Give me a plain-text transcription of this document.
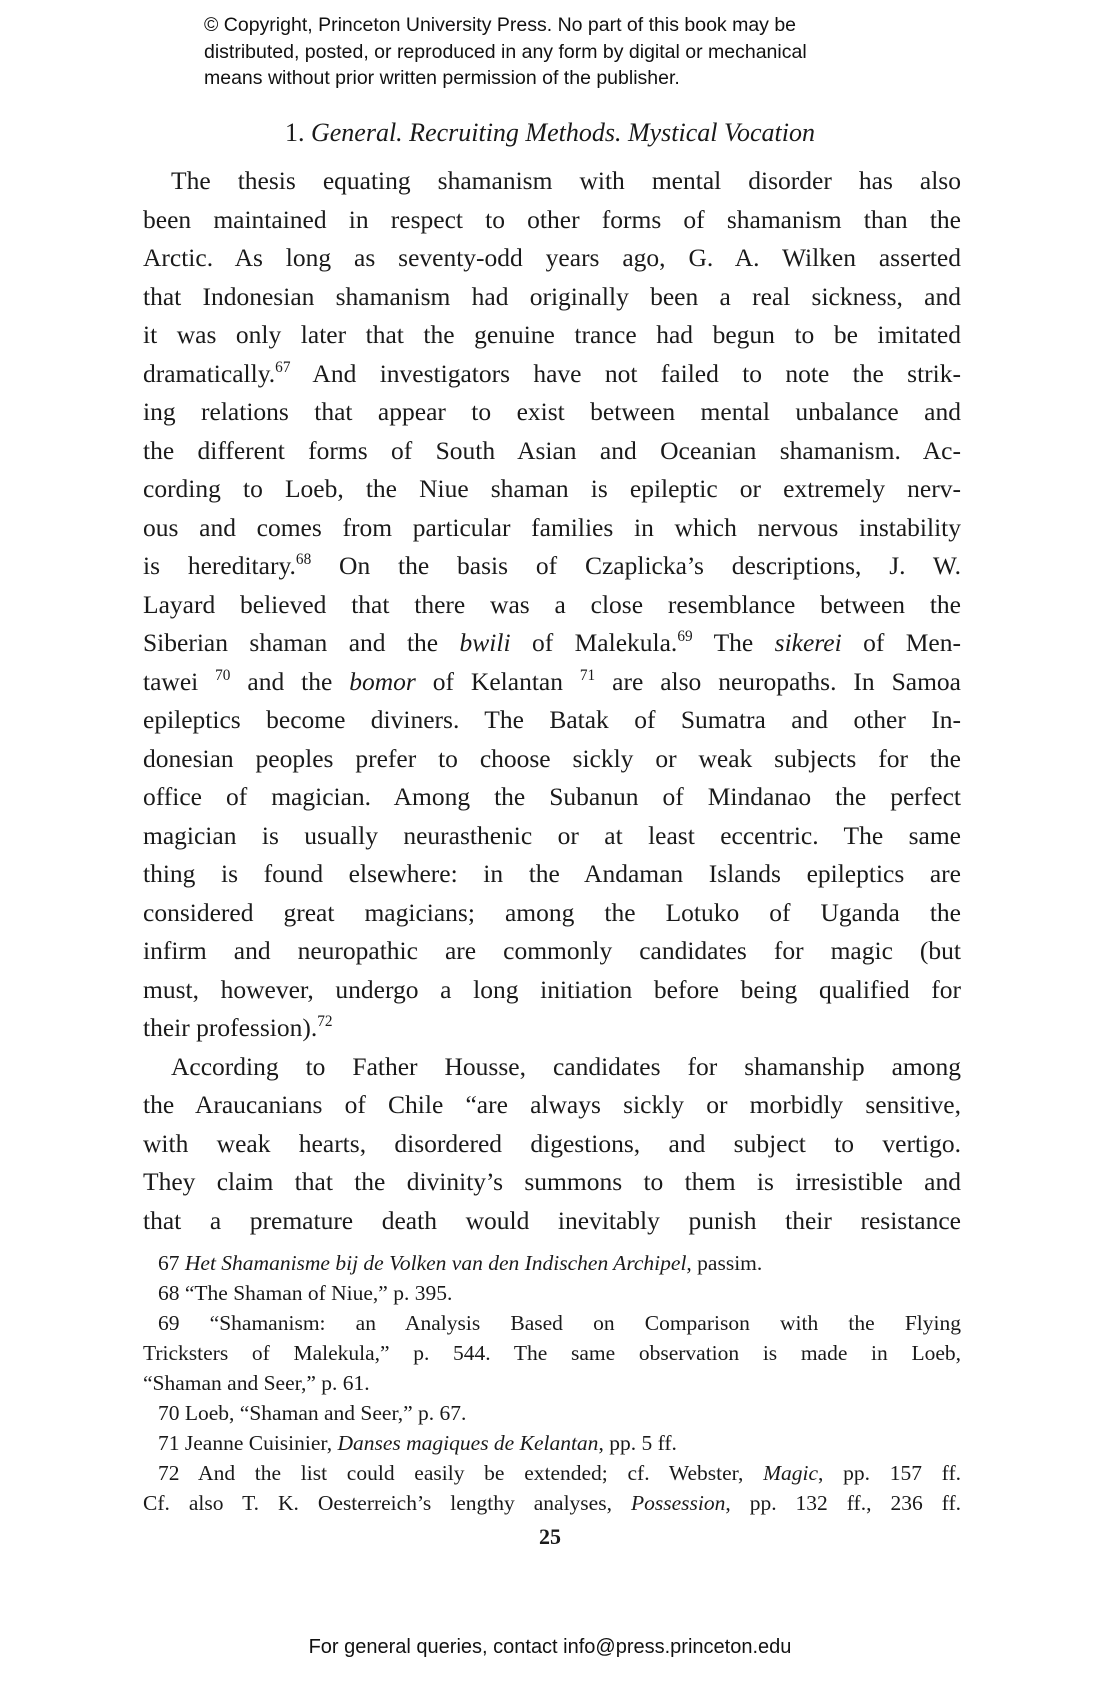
© Copyright, Princeton University Press. No part of this book may be
distributed, posted, or reproduced in any form by digital or mechanical
means without prior written permission of the publisher.
1. General. Recruiting Methods. Mystical Vocation
The thesis equating shamanism with mental disorder has also
been maintained in respect to other forms of shamanism than the
Arctic. As long as seventy-odd years ago, G. A. Wilken asserted
that Indonesian shamanism had originally been a real sickness, and
it was only later that the genuine trance had begun to be imitated
dramatically.$^{67}$ And investigators have not failed to note the strik-
ing relations that appear to exist between mental unbalance and
the different forms of South Asian and Oceanian shamanism. Ac-
cording to Loeb, the Niue shaman is epileptic or extremely nerv-
ous and comes from particular families in which nervous instability
is hereditary.$^{68}$ On the basis of Czaplicka’s descriptions, J. W.
Layard believed that there was a close resemblance between the
Siberian shaman and the bwili of Malekula.$^{69}$ The sikerei of Men-
tawei $^{70}$ and the bomor of Kelantan $^{71}$ are also neuropaths. In Samoa
epileptics become diviners. The Batak of Sumatra and other In-
donesian peoples prefer to choose sickly or weak subjects for the
office of magician. Among the Subanun of Mindanao the perfect
magician is usually neurasthenic or at least eccentric. The same
thing is found elsewhere: in the Andaman Islands epileptics are
considered great magicians; among the Lotuko of Uganda the
infirm and neuropathic are commonly candidates for magic (but
must, however, undergo a long initiation before being qualified for
their profession).$^{72}$
According to Father Housse, candidates for shamanship among
the Araucanians of Chile “are always sickly or morbidly sensitive,
with weak hearts, disordered digestions, and subject to vertigo.
They claim that the divinity’s summons to them is irresistible and
that a premature death would inevitably punish their resistance
67 Het Shamanisme bij de Volken van den Indischen Archipel, passim.
68 “The Shaman of Niue,” p. 395.
69 “Shamanism: an Analysis Based on Comparison with the Flying
Tricksters of Malekula,” p. 544. The same observation is made in Loeb,
“Shaman and Seer,” p. 61.
70 Loeb, “Shaman and Seer,” p. 67.
71 Jeanne Cuisinier, Danses magiques de Kelantan, pp. 5 ff.
72 And the list could easily be extended; cf. Webster, Magic, pp. 157 ff.
Cf. also T. K. Oesterreich’s lengthy analyses, Possession, pp. 132 ff., 236 ff.
25
For general queries, contact info@press.princeton.edu
